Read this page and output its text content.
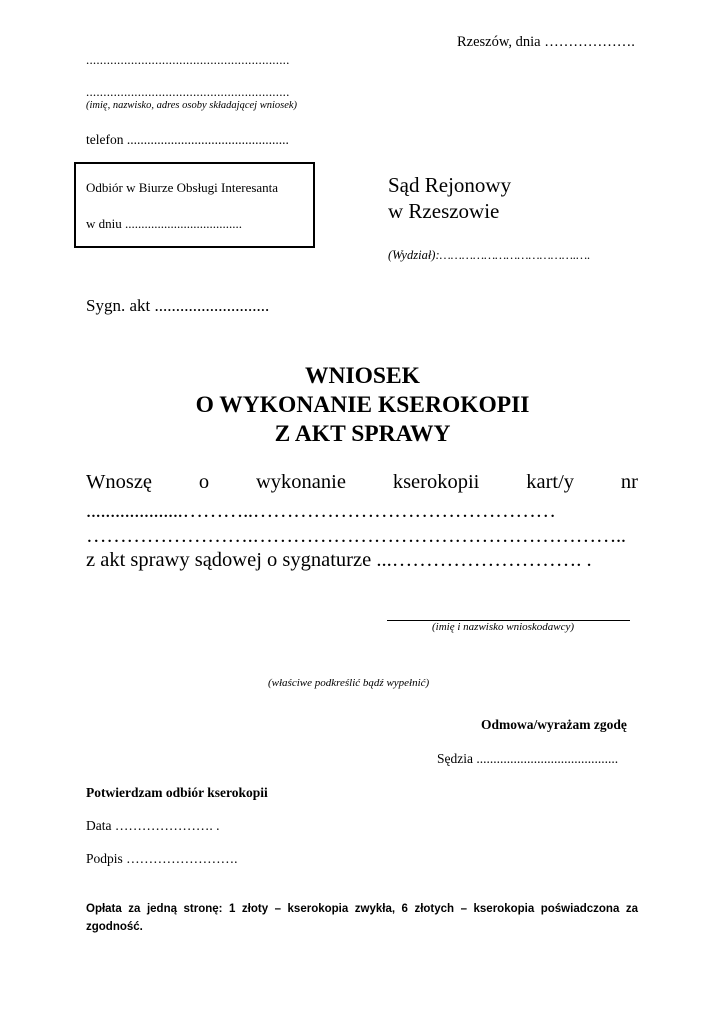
Rzeszów, dnia ……………….
...........................................................
...........................................................
(imię, nazwisko, adres osoby składającej wniosek)
telefon ................................................
Odbiór w Biurze Obsługi Interesanta
w dniu ....................................
Sąd Rejonowy
w Rzeszowie
(Wydział):……………………………….….
Sygn. akt ...........................
WNIOSEK
O WYKONANIE KSEROKOPII
Z AKT SPRAWY
Wnoszę o wykonanie kserokopii kart/y nr
....................………..………………………………………
…………………….………………………………………………..
z akt sprawy sądowej o sygnaturze ...………………………. .
(imię i nazwisko wnioskodawcy)
(właściwe podkreślić bądź wypełnić)
Odmowa/wyrażam zgodę
Sędzia ..........................................
Potwierdzam odbiór kserokopii
Data …………………. .
Podpis …………………….
Opłata za jedną stronę: 1 złoty – kserokopia zwykła, 6 złotych – kserokopia poświadczona za zgodność.
